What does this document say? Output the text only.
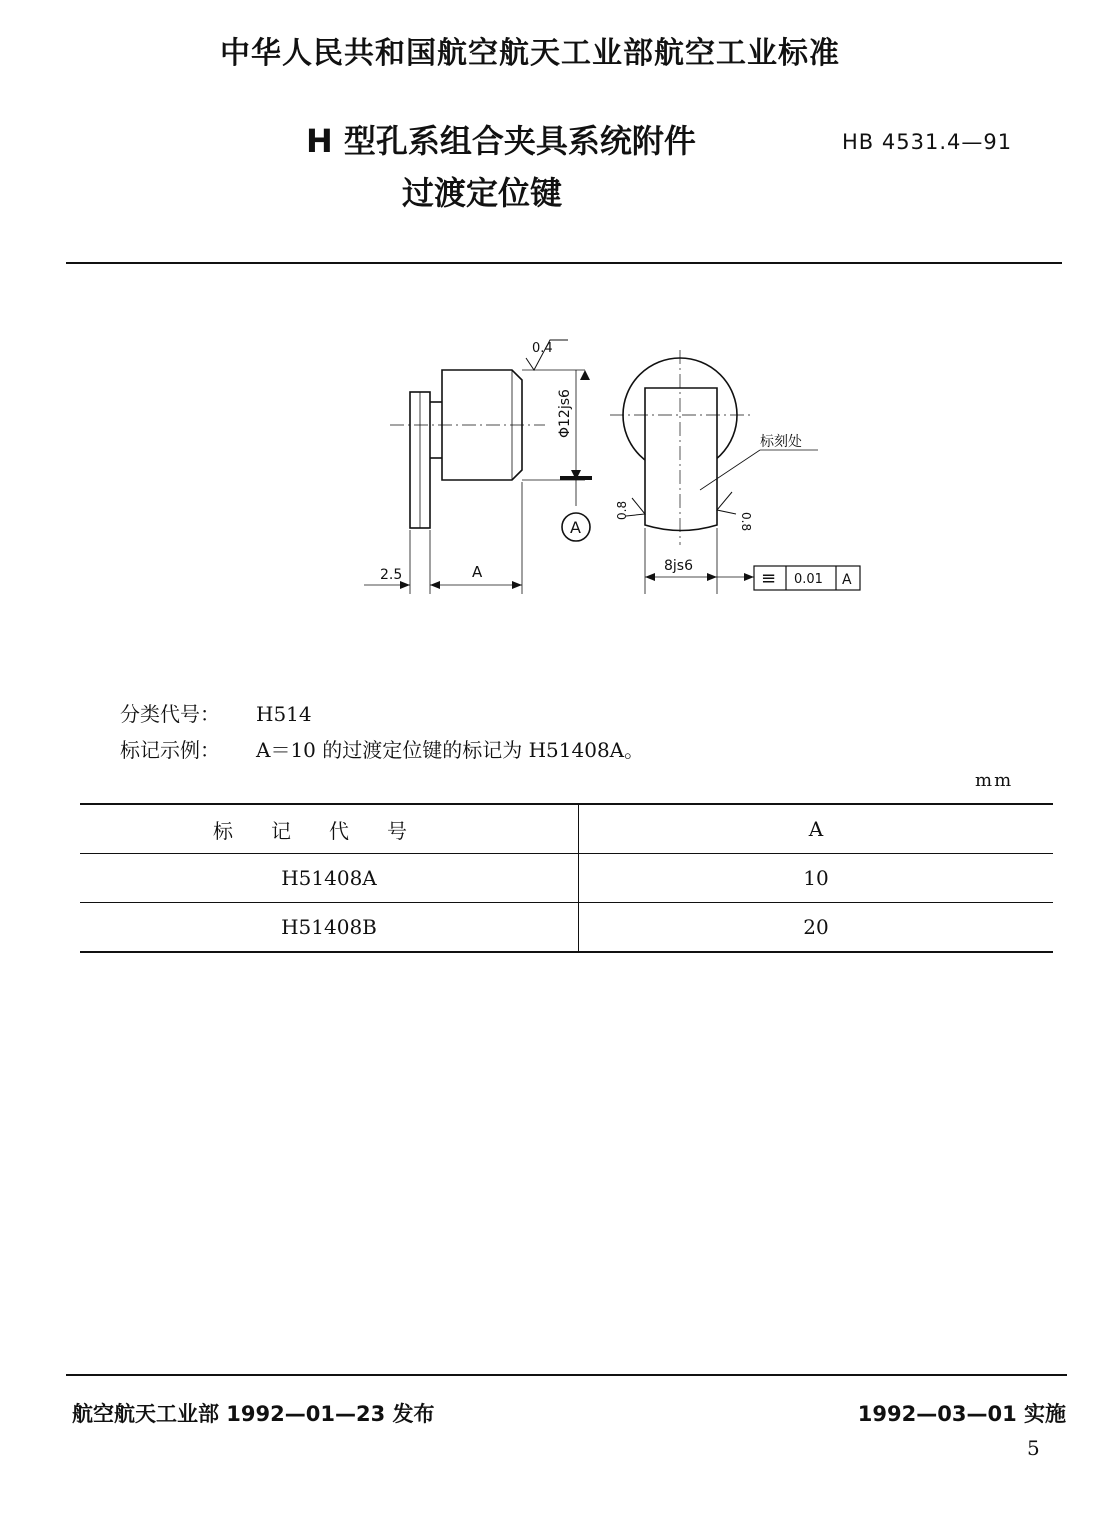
中华人民共和国航空航天工业部航空工业标准
H 型孔系组合夹具系统附件
过渡定位键
HB 4531.4—91
0.4
Φ12js6
A
2.5	A
标刻处
0.8
0.8
8js6
≡ 0.01 A
分类代号： H514
标记示例： A＝10 的过渡定位键的标记为 H51408A。
mm
标记代号	A
H51408A	10
H51408B	20
航空航天工业部 1992—01—23 发布	1992—03—01 实施
5
